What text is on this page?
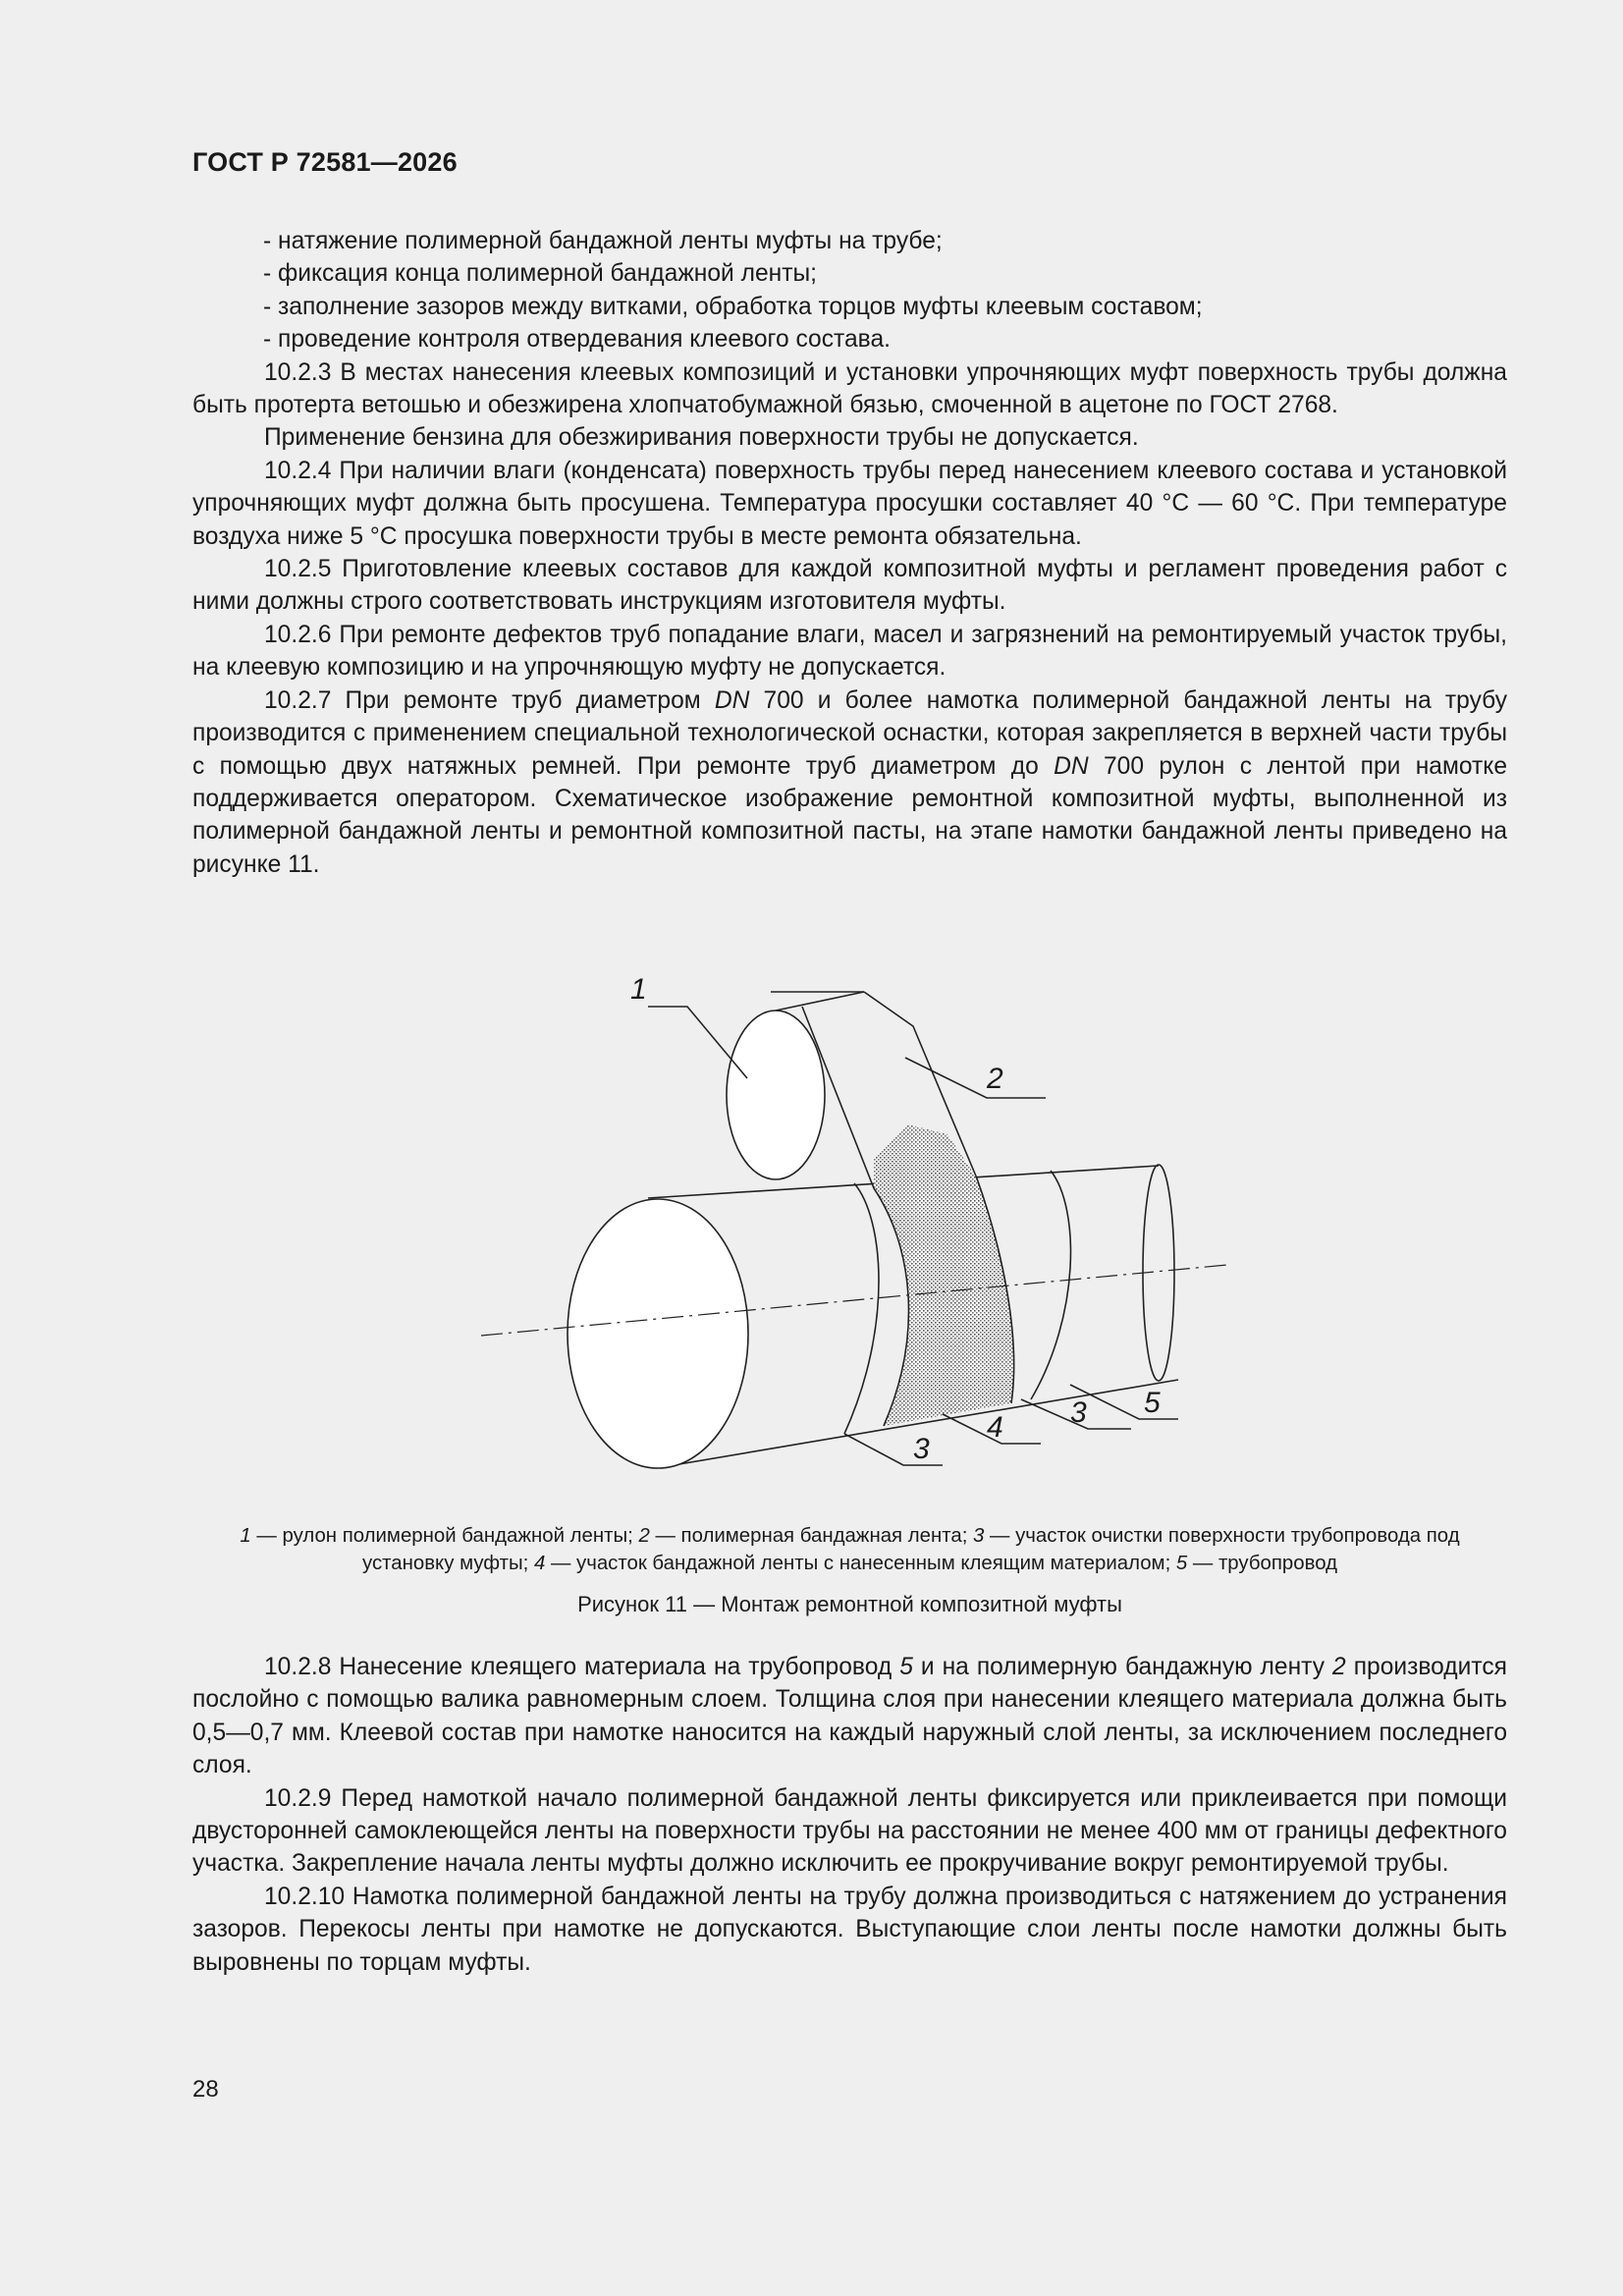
ГОСТ Р 72581—2026

- натяжение полимерной бандажной ленты муфты на трубе;

- фиксация конца полимерной бандажной ленты;

- заполнение зазоров между витками, обработка торцов муфты клеевым составом;

- проведение контроля отвердевания клеевого состава.

10.2.3 В местах нанесения клеевых композиций и установки упрочняющих муфт поверхность трубы должна быть протерта ветошью и обезжирена хлопчатобумажной бязью, смоченной в ацетоне по ГОСТ 2768.

Применение бензина для обезжиривания поверхности трубы не допускается.

10.2.4 При наличии влаги (конденсата) поверхность трубы перед нанесением клеевого состава и установкой упрочняющих муфт должна быть просушена. Температура просушки составляет 40 °С — 60 °С. При температуре воздуха ниже 5 °С просушка поверхности трубы в месте ремонта обязательна.

10.2.5 Приготовление клеевых составов для каждой композитной муфты и регламент проведения работ с ними должны строго соответствовать инструкциям изготовителя муфты.

10.2.6 При ремонте дефектов труб попадание влаги, масел и загрязнений на ремонтируемый участок трубы, на клеевую композицию и на упрочняющую муфту не допускается.

10.2.7 При ремонте труб диаметром DN 700 и более намотка полимерной бандажной ленты на трубу производится с применением специальной технологической оснастки, которая закрепляется в верхней части трубы с помощью двух натяжных ремней. При ремонте труб диаметром до DN 700 рулон с лентой при намотке поддерживается оператором. Схематическое изображение ремонтной композитной муфты, выполненной из полимерной бандажной ленты и ремонтной композитной пасты, на этапе намотки бандажной ленты приведено на рисунке 11.

1
2
3
4 3 5
1 — рулон полимерной бандажной ленты; 2 — полимерная бандажная лента; 3 — участок очистки поверхности трубопровода под установку муфты; 4 — участок бандажной ленты с нанесенным клеящим материалом; 5 — трубопровод
Рисунок 11 — Монтаж ремонтной композитной муфты

10.2.8 Нанесение клеящего материала на трубопровод 5 и на полимерную бандажную ленту 2 производится послойно с помощью валика равномерным слоем. Толщина слоя при нанесении клеящего материала должна быть 0,5—0,7 мм. Клеевой состав при намотке наносится на каждый наружный слой ленты, за исключением последнего слоя.

10.2.9 Перед намоткой начало полимерной бандажной ленты фиксируется или приклеивается при помощи двусторонней самоклеющейся ленты на поверхности трубы на расстоянии не менее 400 мм от границы дефектного участка. Закрепление начала ленты муфты должно исключить ее прокручивание вокруг ремонтируемой трубы.

10.2.10 Намотка полимерной бандажной ленты на трубу должна производиться с натяжением до устранения зазоров. Перекосы ленты при намотке не допускаются. Выступающие слои ленты после намотки должны быть выровнены по торцам муфты.

28
